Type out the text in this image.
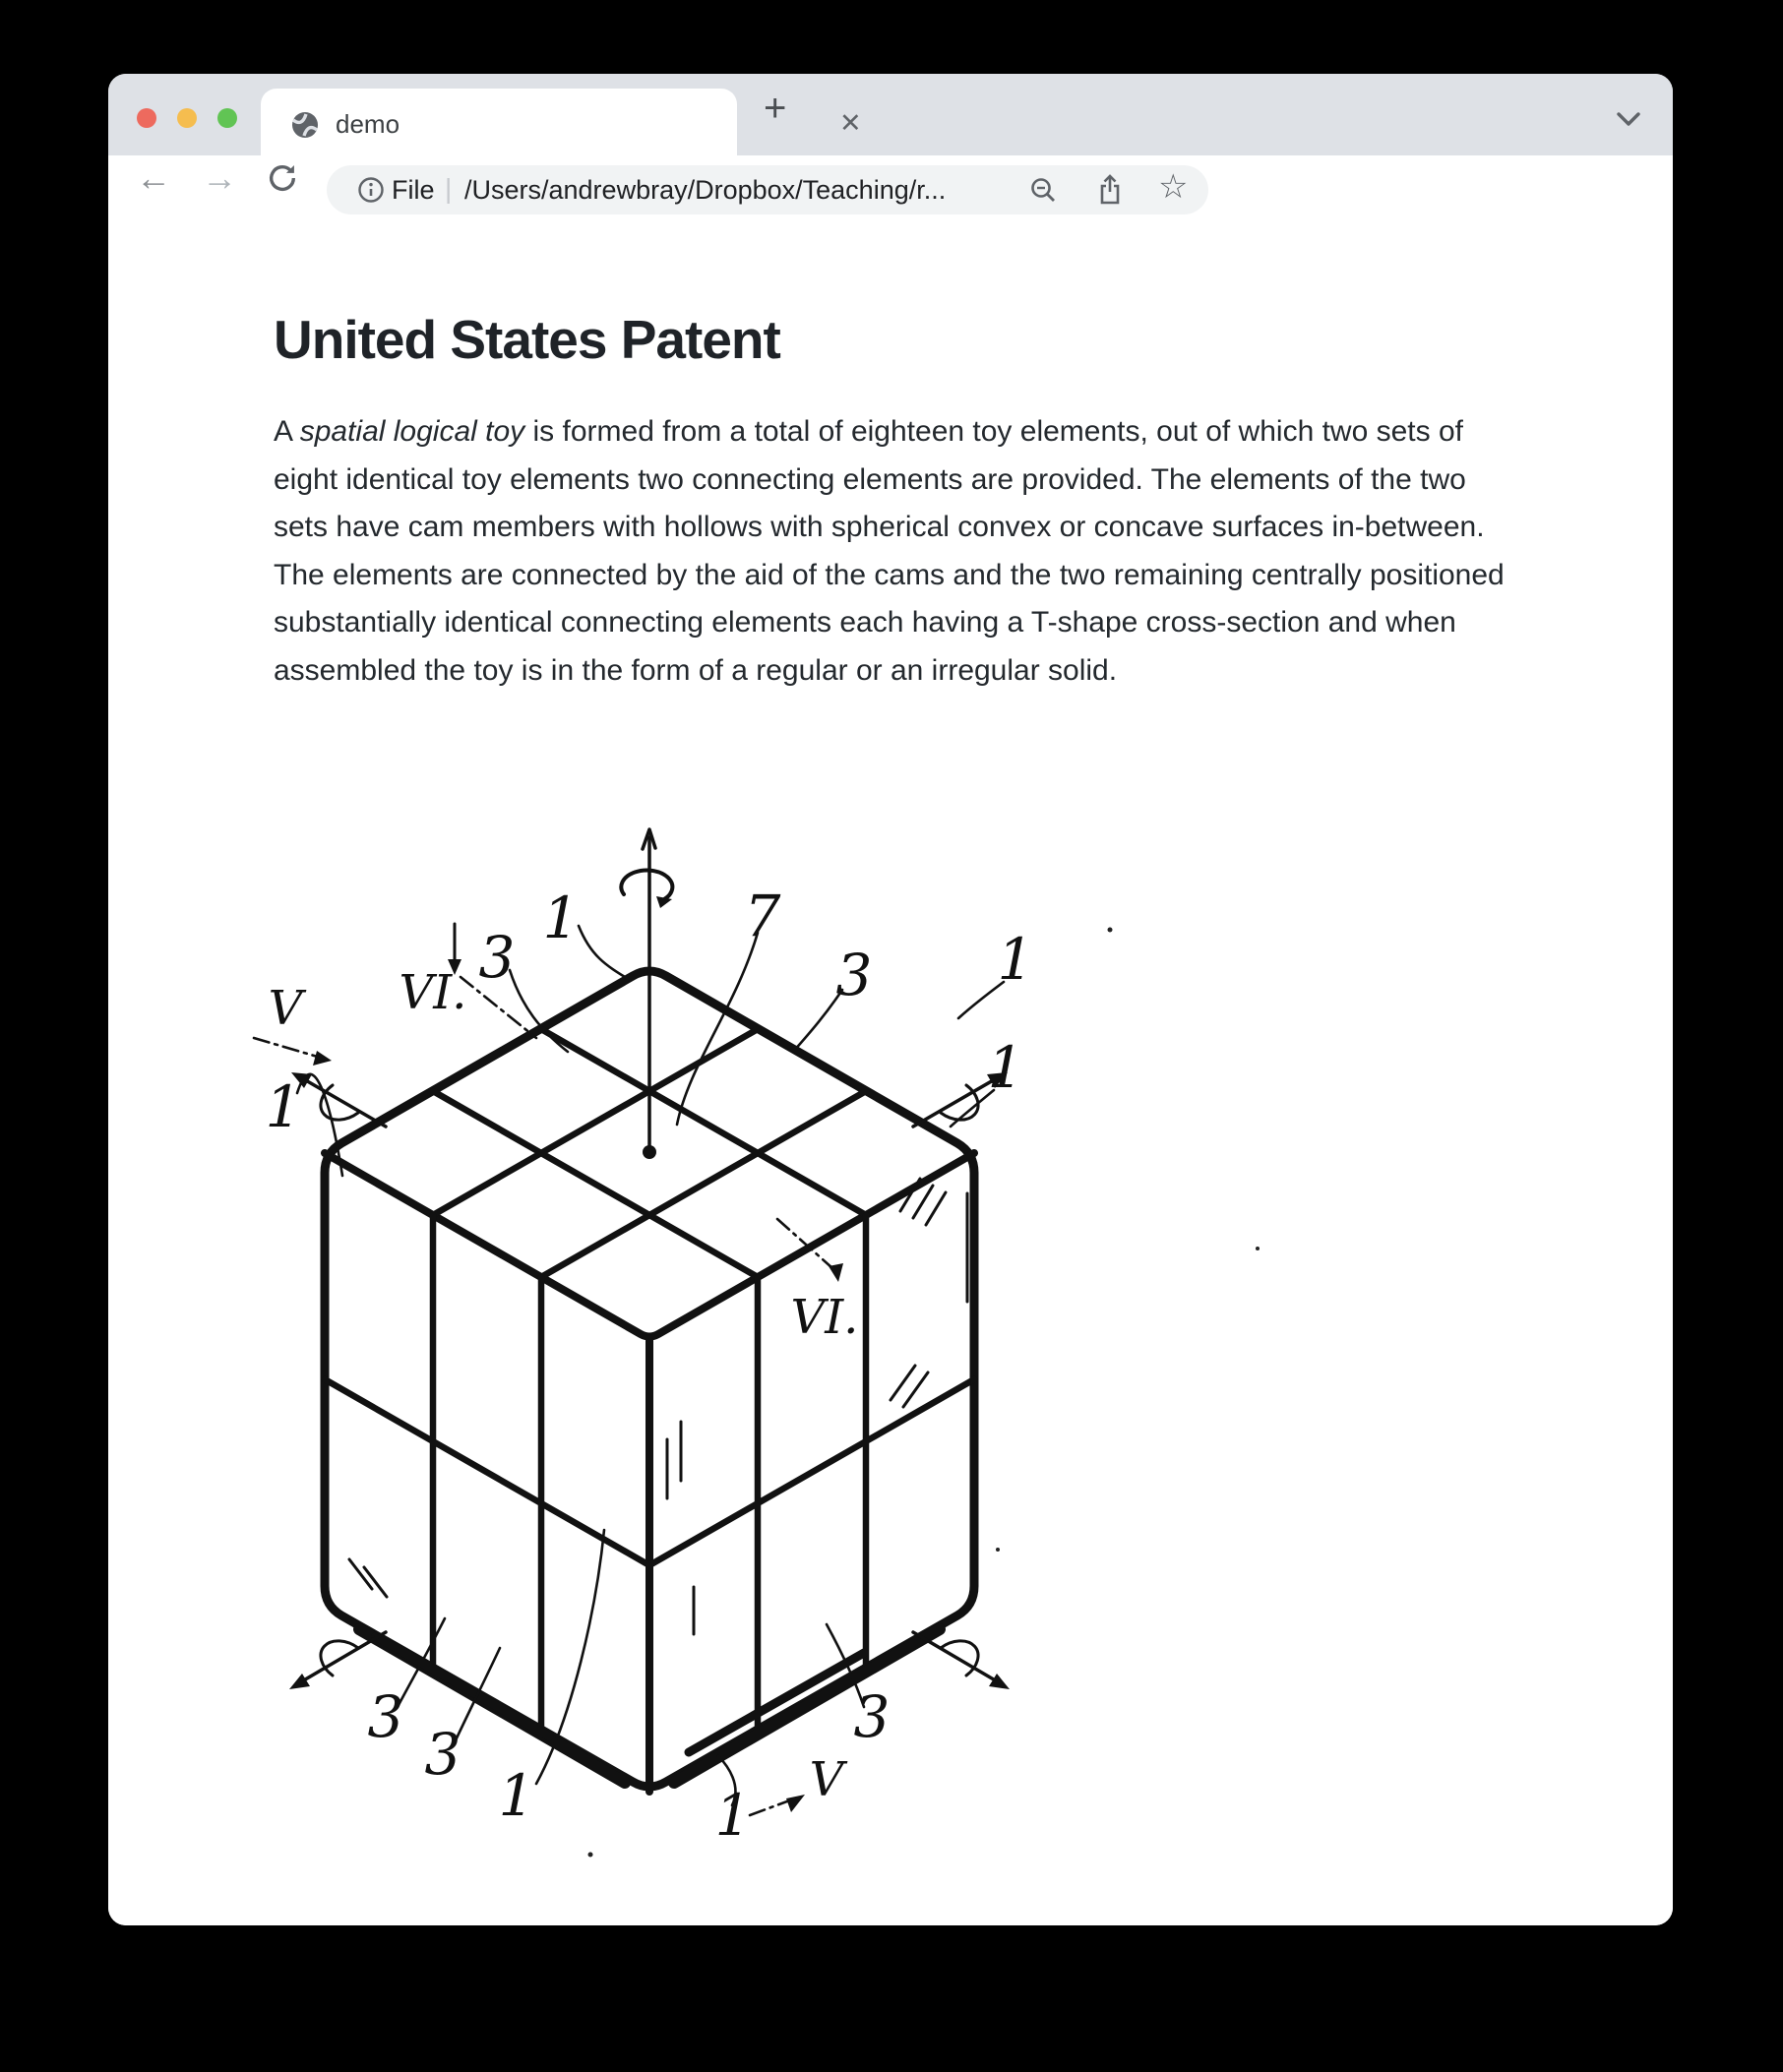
demo	✕
+
← →	File | /Users/andrewbray/Dropbox/Teaching/r...	☆
United States Patent

A spatial logical toy is formed from a total of eighteen toy elements, out of which two sets of eight identical toy elements two connecting elements are provided. The elements of the two sets have cam members with hollows with spherical convex or concave surfaces in-between. The elements are connected by the aid of the cams and the two remaining centrally positioned substantially identical connecting elements each having a T-shape cross-section and when assembled the toy is in the form of a regular or an irregular solid.

1	7
3
VI.	3
V
1
3
3
1	1
V
3
VI.
1
1
